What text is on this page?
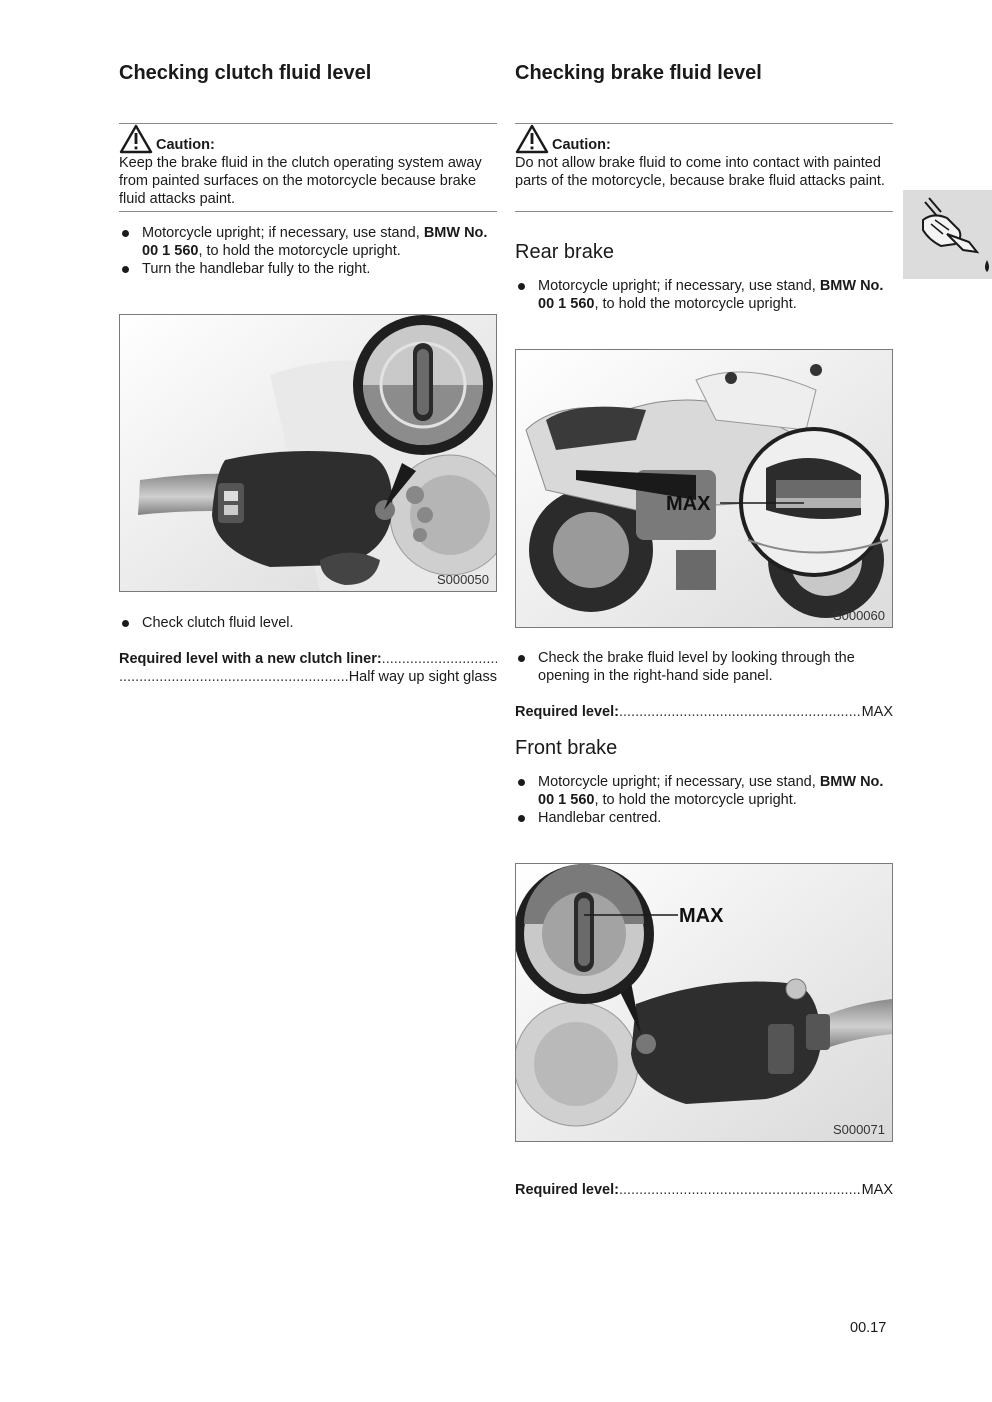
Checking clutch fluid level
Caution:

Keep the brake fluid in the clutch operating system away from painted surfaces on the motorcycle because brake fluid attacks paint.

Motorcycle upright; if necessary, use stand, BMW No. 00 1 560, to hold the motorcycle upright.
Turn the handlebar fully to the right.
S000050
Check clutch fluid level.
Required level with a new clutch liner:
.....
.....
Half way up sight glass
Checking brake fluid level
Caution:

Do not allow brake fluid to come into contact with painted parts of the motorcycle, because brake fluid attacks paint.

Rear brake
Motorcycle upright; if necessary, use stand, BMW No. 00 1 560, to hold the motorcycle upright.
MAX
S000060
Check the brake fluid level by looking through the opening in the right-hand side panel.
Required level: .....	MAX
Front brake
Motorcycle upright; if necessary, use stand, BMW No. 00 1 560, to hold the motorcycle upright.
Handlebar centred.
MAX
S000071
Required level: .....	MAX
00.17
